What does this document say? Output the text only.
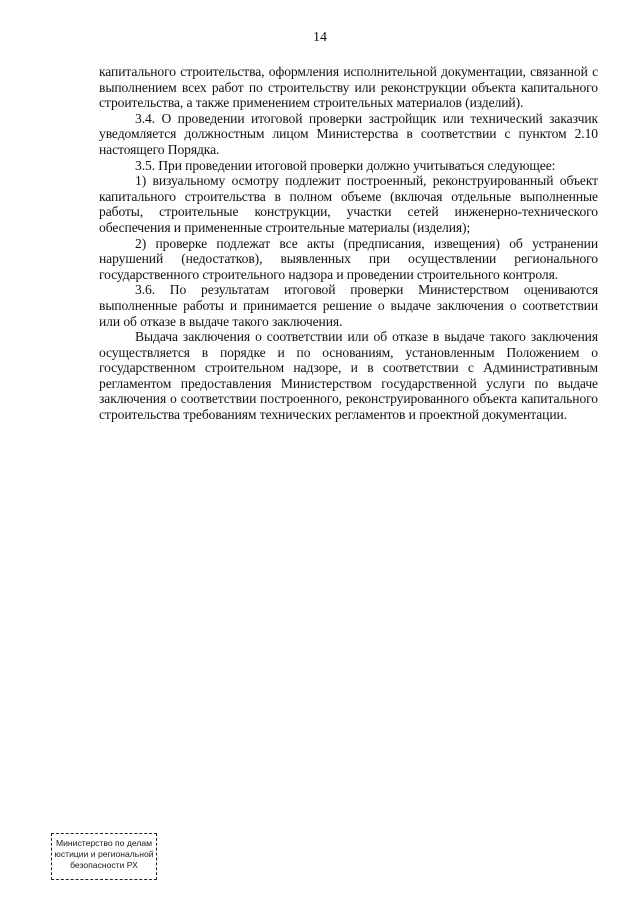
14

капитального строительства, оформления исполнительной документации, связанной с выполнением всех работ по строительству или реконструкции объекта капитального строительства, а также применением строительных материалов (изделий).

3.4. О проведении итоговой проверки застройщик или технический заказчик уведомляется должностным лицом Министерства в соответствии с пунктом 2.10 настоящего Порядка.

3.5. При проведении итоговой проверки должно учитываться следующее:

1) визуальному осмотру подлежит построенный, реконструированный объект капитального строительства в полном объеме (включая отдельные выполненные работы, строительные конструкции, участки сетей инженерно-технического обеспечения и примененные строительные материалы (изделия);

2) проверке подлежат все акты (предписания, извещения) об устранении нарушений (недостатков), выявленных при осуществлении регионального государственного строительного надзора и проведении строительного контроля.

3.6. По результатам итоговой проверки Министерством оцениваются выполненные работы и принимается решение о выдаче заключения о соответствии или об отказе в выдаче такого заключения.

Выдача заключения о соответствии или об отказе в выдаче такого заключения осуществляется в порядке и по основаниям, установленным Положением о государственном строительном надзоре, и в соответствии с Административным регламентом предоставления Министерством государственной услуги по выдаче заключения о соответствии построенного, реконструированного объекта капитального строительства требованиям технических регламентов и проектной документации.

Министерство по делам
юстиции и региональной
безопасности РХ
